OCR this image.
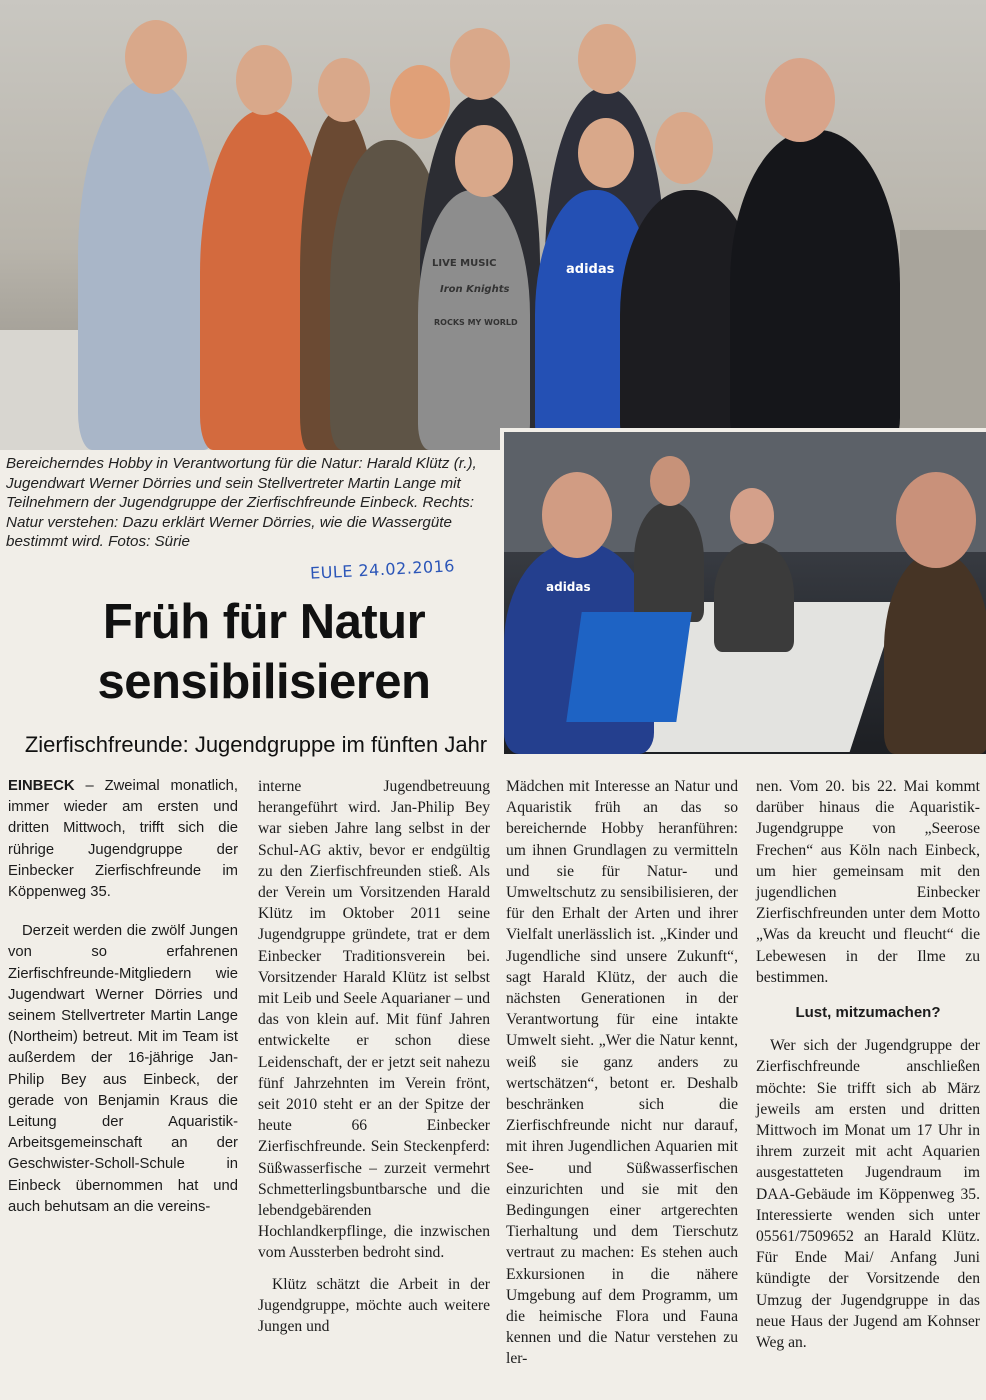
adidas
LIVE MUSIC
Iron Knights
ROCKS MY WORLD
adidas
Bereicherndes Hobby in Verantwortung für die Natur: Harald Klütz (r.), Jugendwart Werner Dörries und sein Stellvertreter Martin Lange mit Teilnehmern der Jugendgruppe der Zierfischfreunde Einbeck. Rechts: Natur verstehen: Dazu erklärt Werner Dörries, wie die Wassergüte bestimmt wird. Fotos: Sürie
EULE 24.02.2016
Früh für Natur
sensibilisieren
Zierfischfreunde: Jugendgruppe im fünften Jahr

EINBECK – Zweimal monatlich, immer wieder am ersten und dritten Mittwoch, trifft sich die rührige Jugendgruppe der Einbecker Zierfischfreunde im Köppenweg 35.

Derzeit werden die zwölf Jungen von so erfahrenen Zierfischfreunde-Mitgliedern wie Jugendwart Werner Dörries und seinem Stellvertreter Martin Lange (Northeim) betreut. Mit im Team ist außerdem der 16-jährige Jan-Philip Bey aus Einbeck, der gerade von Benjamin Kraus die Leitung der Aquaristik-Arbeitsgemeinschaft an der Geschwister-Scholl-Schule in Einbeck übernommen hat und auch behutsam an die vereins-

interne Jugendbetreuung herangeführt wird. Jan-Philip Bey war sieben Jahre lang selbst in der Schul-AG aktiv, bevor er endgültig zu den Zierfischfreunden stieß. Als der Verein um Vorsitzenden Harald Klütz im Oktober 2011 seine Jugendgruppe gründete, trat er dem Einbecker Traditionsverein bei. Vorsitzender Harald Klütz ist selbst mit Leib und Seele Aquarianer – und das von klein auf. Mit fünf Jahren entwickelte er schon diese Leidenschaft, der er jetzt seit nahezu fünf Jahrzehnten im Verein frönt, seit 2010 steht er an der Spitze der heute 66 Einbecker Zierfischfreunde. Sein Steckenpferd: Süßwasserfische – zurzeit vermehrt Schmetterlingsbuntbarsche und die lebendgebärenden Hochlandkerpflinge, die inzwischen vom Aussterben bedroht sind.

Klütz schätzt die Arbeit in der Jugendgruppe, möchte auch weitere Jungen und

Mädchen mit Interesse an Natur und Aquaristik früh an das so bereichernde Hobby heranführen: um ihnen Grundlagen zu vermitteln und sie für Natur- und Umweltschutz zu sensibilisieren, der für den Erhalt der Arten und ihrer Vielfalt unerlässlich ist. „Kinder und Jugendliche sind unsere Zukunft“, sagt Harald Klütz, der auch die nächsten Generationen in der Verantwortung für eine intakte Umwelt sieht. „Wer die Natur kennt, weiß sie ganz anders zu wertschätzen“, betont er. Deshalb beschränken sich die Zierfischfreunde nicht nur darauf, mit ihren Jugendlichen Aquarien mit See- und Süßwasserfischen einzurichten und sie mit den Bedingungen einer artgerechten Tierhaltung und dem Tierschutz vertraut zu machen: Es stehen auch Exkursionen in die nähere Umgebung auf dem Programm, um die heimische Flora und Fauna kennen und die Natur verstehen zu ler-

nen. Vom 20. bis 22. Mai kommt darüber hinaus die Aquaristik-Jugendgruppe von „Seerose Frechen“ aus Köln nach Einbeck, um hier gemeinsam mit den jugendlichen Einbecker Zierfischfreunden unter dem Motto „Was da kreucht und fleucht“ die Lebewesen in der Ilme zu bestimmen.

Lust, mitzumachen?

Wer sich der Jugendgruppe der Zierfischfreunde anschließen möchte: Sie trifft sich ab März jeweils am ersten und dritten Mittwoch im Monat um 17 Uhr in ihrem zurzeit mit acht Aquarien ausgestatteten Jugendraum im DAA-Gebäude im Köppenweg 35. Interessierte wenden sich unter 05561/7509652 an Harald Klütz. Für Ende Mai/ Anfang Juni kündigte der Vorsitzende den Umzug der Jugendgruppe in das neue Haus der Jugend am Kohnser Weg an.
